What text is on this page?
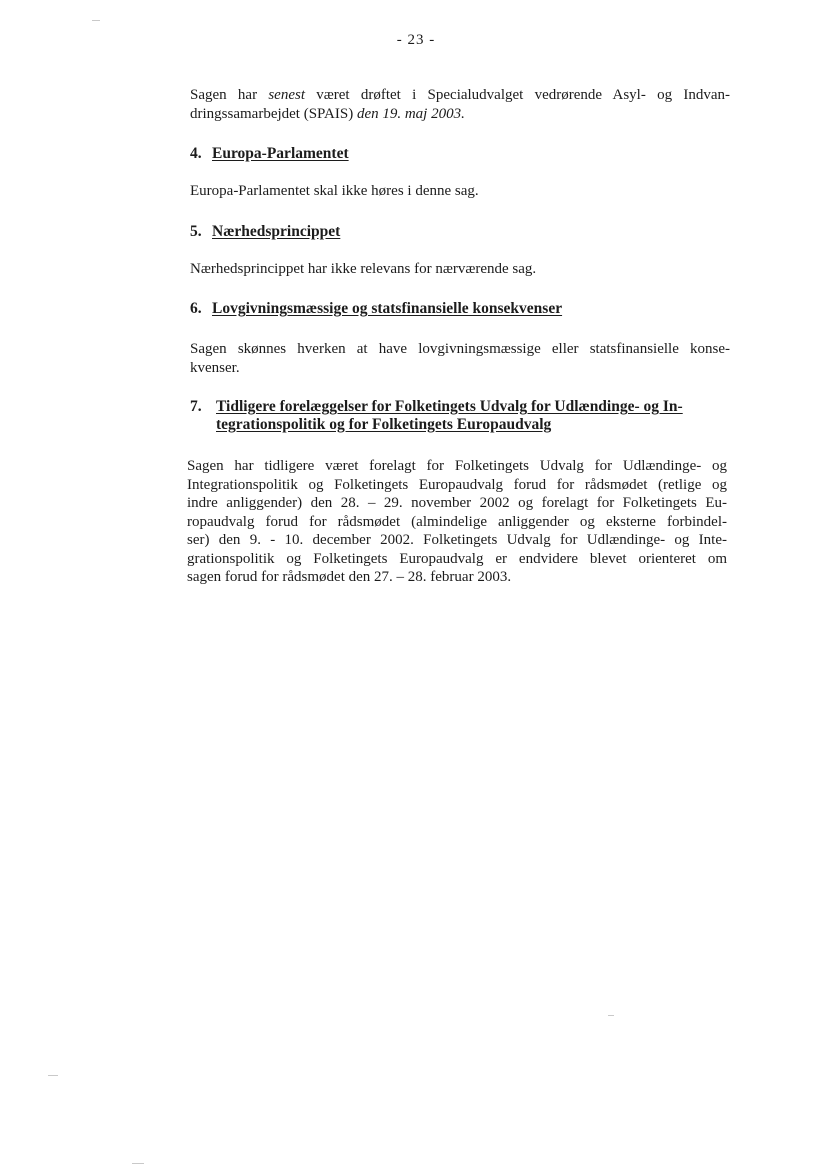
- 23 -

Sagen har senest været drøftet i Specialudvalget vedrørende Asyl- og Indvan-
dringssamarbejdet (SPAIS) den 19. maj 2003.

4. Europa-Parlamentet

Europa-Parlamentet skal ikke høres i denne sag.

5. Nærhedsprincippet

Nærhedsprincippet har ikke relevans for nærværende sag.

6. Lovgivningsmæssige og statsfinansielle konsekvenser

Sagen skønnes hverken at have lovgivningsmæssige eller statsfinansielle konse-
kvenser.

7. Tidligere forelæggelser for Folketingets Udvalg for Udlændinge- og In-
tegrationspolitik og for Folketingets Europaudvalg

Sagen har tidligere været forelagt for Folketingets Udvalg for Udlændinge- og
Integrationspolitik og Folketingets Europaudvalg forud for rådsmødet (retlige og
indre anliggender) den 28. – 29. november 2002 og forelagt for Folketingets Eu-
ropaudvalg forud for rådsmødet (almindelige anliggender og eksterne forbindel-
ser) den 9. - 10. december 2002. Folketingets Udvalg for Udlændinge- og Inte-
grationspolitik og Folketingets Europaudvalg er endvidere blevet orienteret om
sagen forud for rådsmødet den 27. – 28. februar 2003.
